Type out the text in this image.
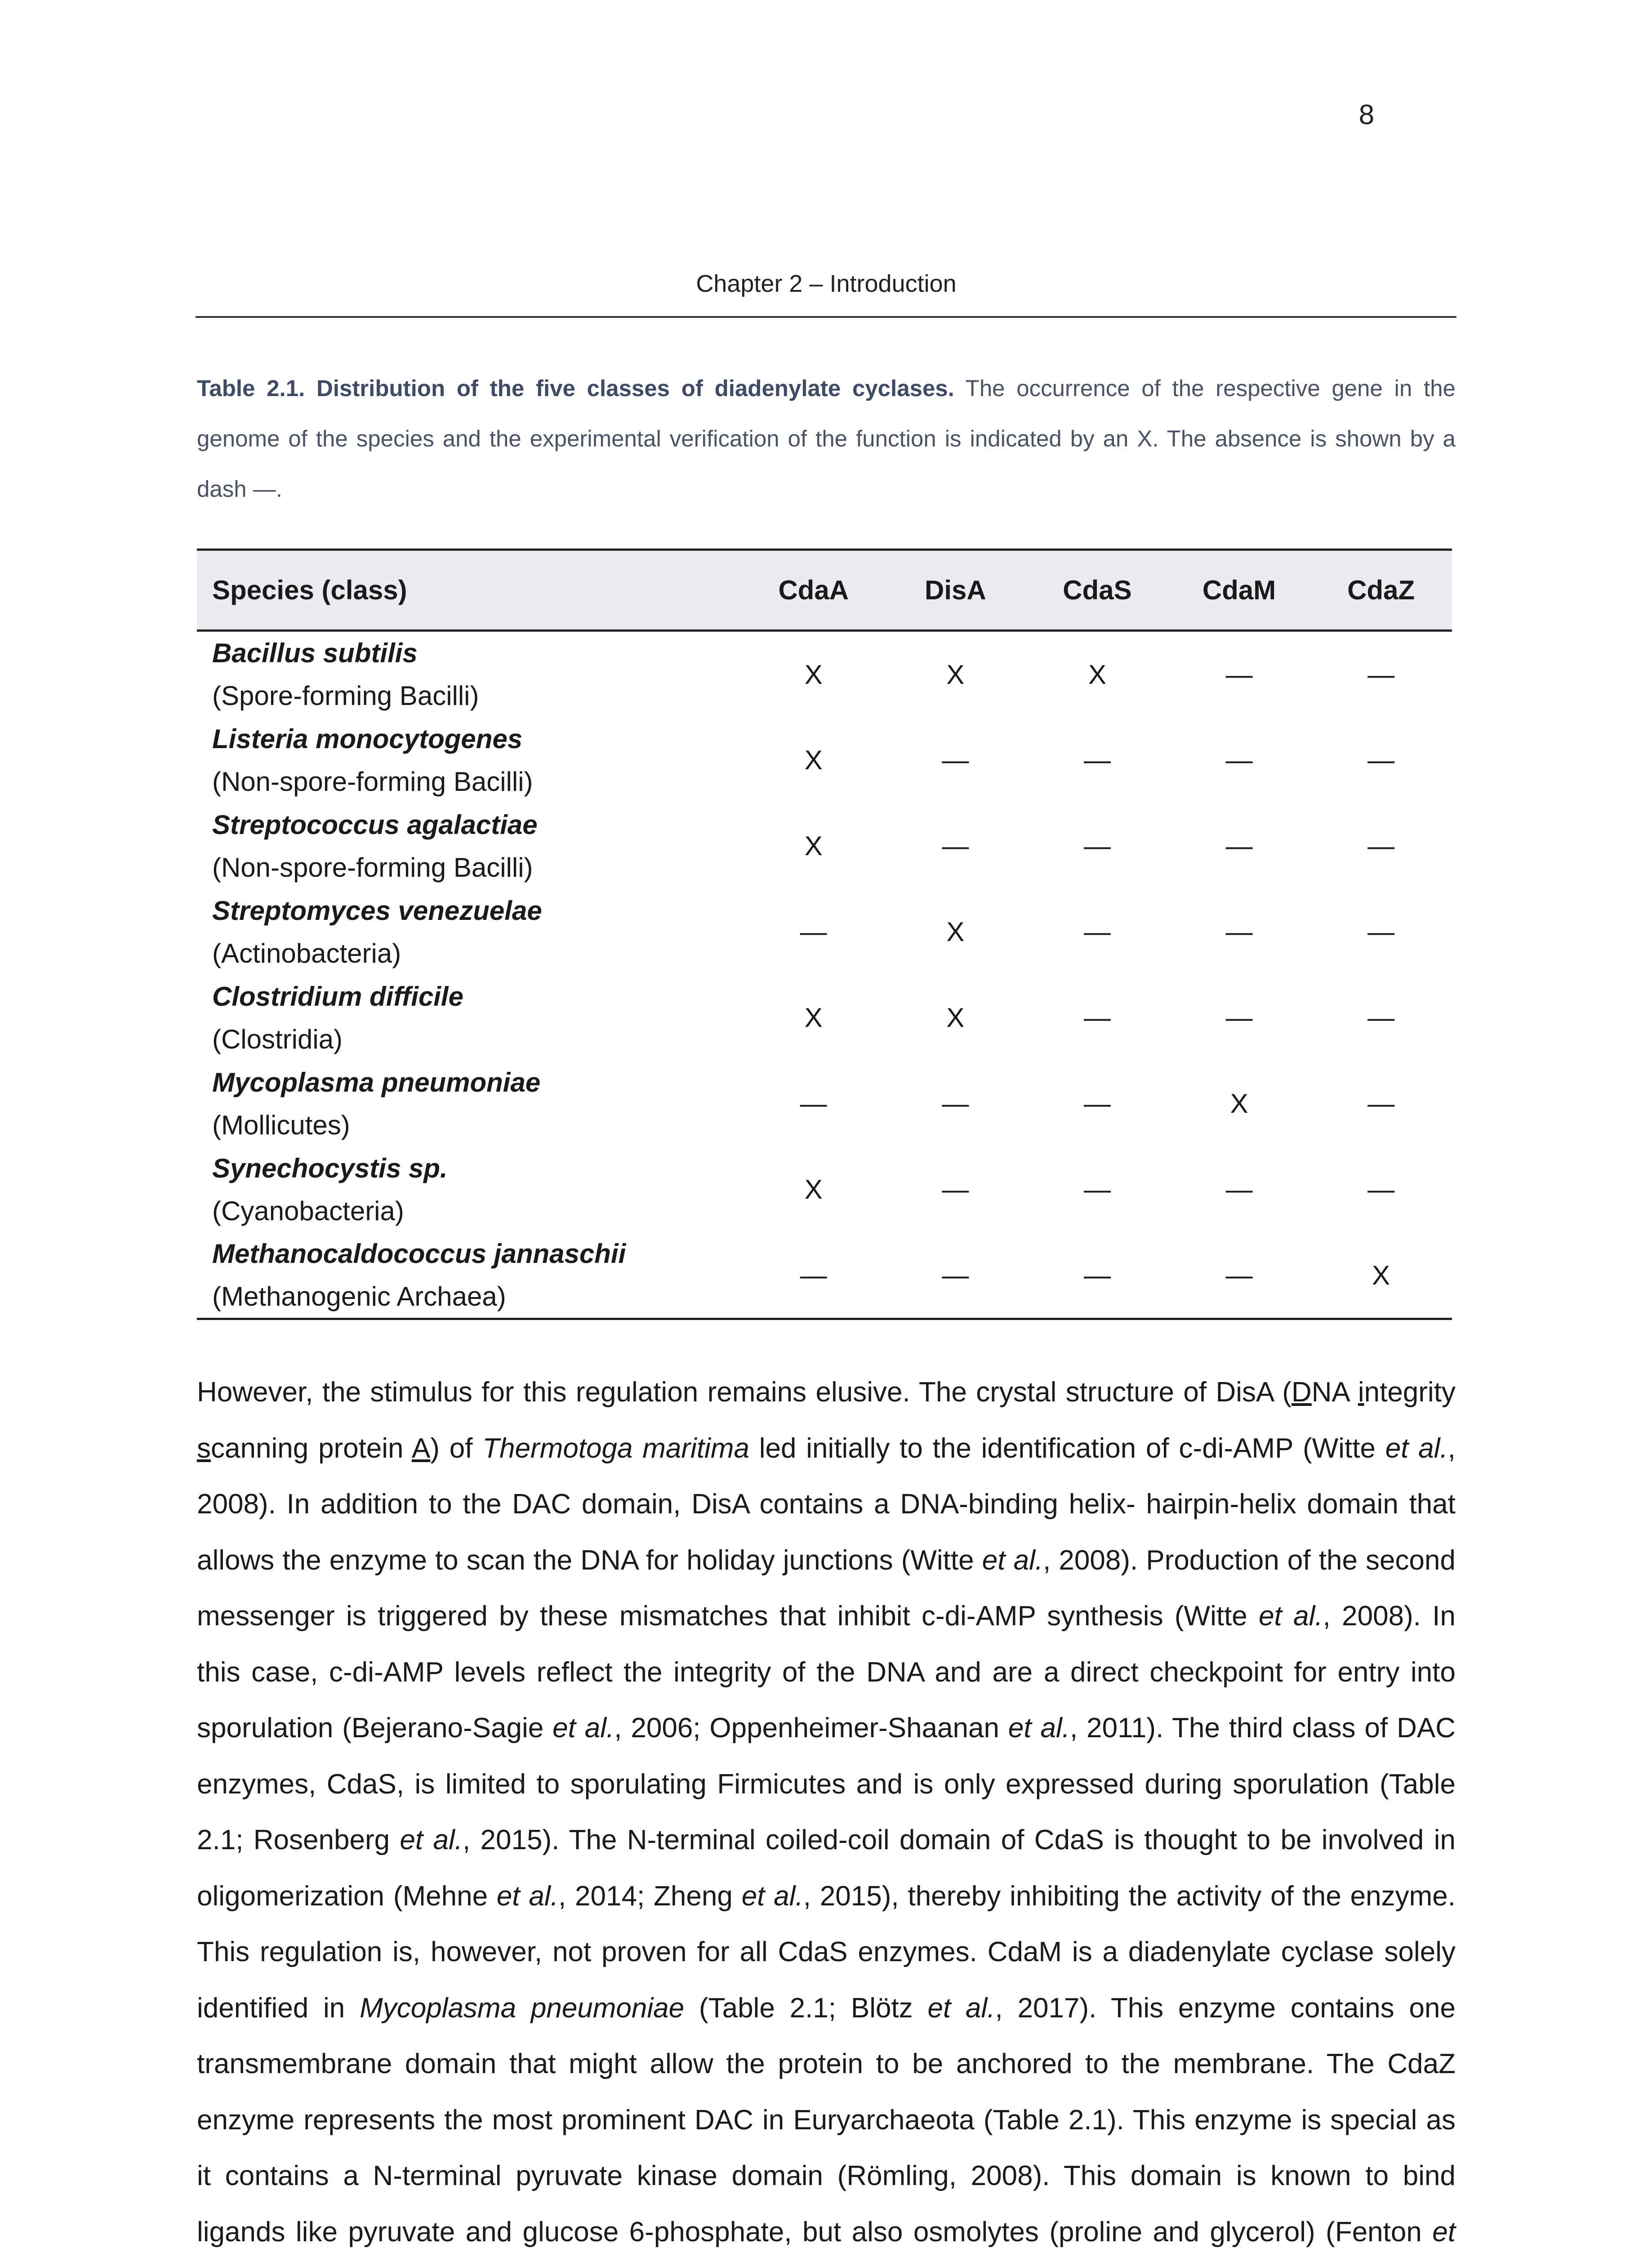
8
Chapter 2 – Introduction
Table 2.1. Distribution of the five classes of diadenylate cyclases. The occurrence of the respective gene in the genome of the species and the experimental verification of the function is indicated by an X. The absence is shown by a dash —.
Species (class)	CdaA	DisA	CdaS	CdaM	CdaZ

Bacillus subtilis
(Spore-forming Bacilli)	X	X	X	—	—

Listeria monocytogenes
(Non-spore-forming Bacilli)	X	—	—	—	—

Streptococcus agalactiae
(Non-spore-forming Bacilli)	X	—	—	—	—

Streptomyces venezuelae
(Actinobacteria)	—	X	—	—	—

Clostridium difficile
(Clostridia)	X	X	—	—	—

Mycoplasma pneumoniae
(Mollicutes)	—	—	—	X	—

Synechocystis sp.
(Cyanobacteria)	X	—	—	—	—

Methanocaldococcus jannaschii
(Methanogenic Archaea)	—	—	—	—	X
However, the stimulus for this regulation remains elusive. The crystal structure of DisA (DNA integrity scanning protein A) of Thermotoga maritima led initially to the identification of c-di-AMP (Witte et al., 2008). In addition to the DAC domain, DisA contains a DNA-binding helix- hairpin-helix domain that allows the enzyme to scan the DNA for holiday junctions (Witte et al., 2008). Production of the second messenger is triggered by these mismatches that inhibit c-di-AMP synthesis (Witte et al., 2008). In this case, c-di-AMP levels reflect the integrity of the DNA and are a direct checkpoint for entry into sporulation (Bejerano-Sagie et al., 2006; Oppenheimer-Shaanan et al., 2011). The third class of DAC enzymes, CdaS, is limited to sporulating Firmicutes and is only expressed during sporulation (Table 2.1; Rosenberg et al., 2015). The N-terminal coiled-coil domain of CdaS is thought to be involved in oligomerization (Mehne et al., 2014; Zheng et al., 2015), thereby inhibiting the activity of the enzyme. This regulation is, however, not proven for all CdaS enzymes. CdaM is a diadenylate cyclase solely identified in Mycoplasma pneumoniae (Table 2.1; Blötz et al., 2017). This enzyme contains one transmembrane domain that might allow the protein to be anchored to the membrane. The CdaZ enzyme represents the most prominent DAC in Euryarchaeota (Table 2.1). This enzyme is special as it contains a N-terminal pyruvate kinase domain (Römling, 2008). This domain is known to bind ligands like pyruvate and glucose 6-phosphate, but also osmolytes (proline and glycerol) (Fenton et
